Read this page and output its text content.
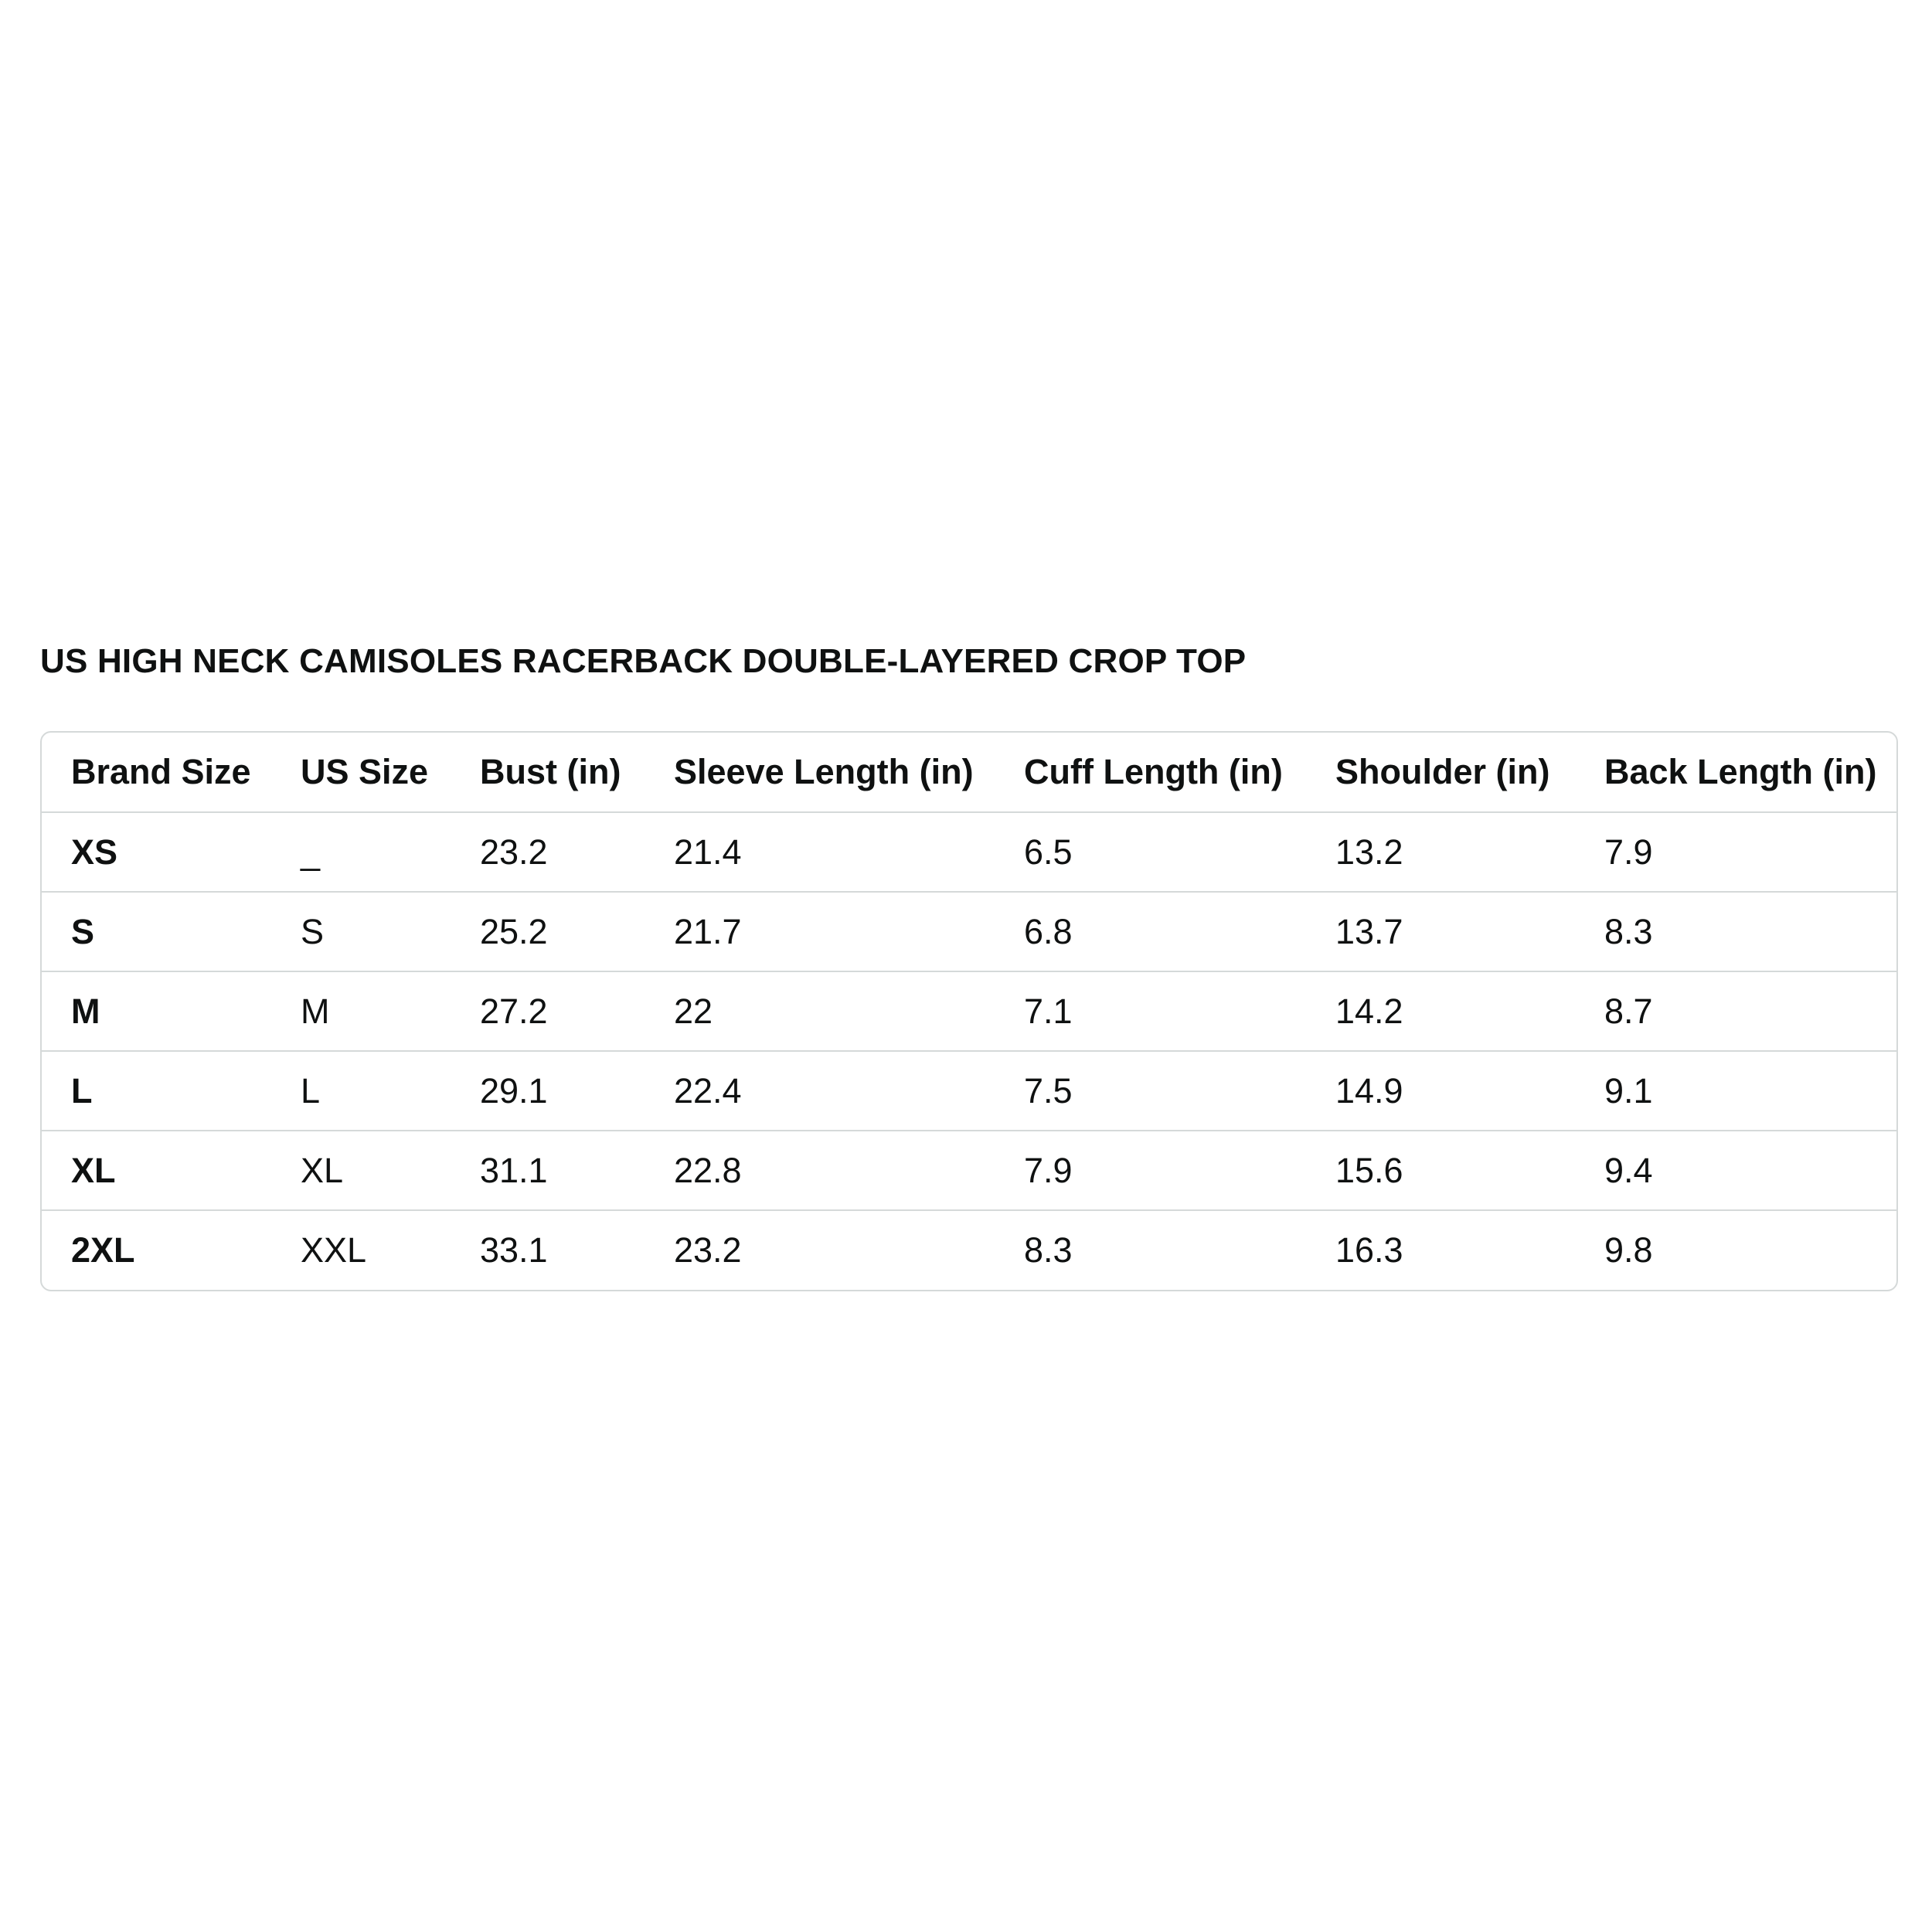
US HIGH NECK CAMISOLES RACERBACK DOUBLE-LAYERED CROP TOP
Brand Size	US Size	Bust (in)	Sleeve Length (in)	Cuff Length (in)	Shoulder (in)	Back Length (in)
XS	_	23.2	21.4	6.5	13.2	7.9
S	S	25.2	21.7	6.8	13.7	8.3
M	M	27.2	22	7.1	14.2	8.7
L	L	29.1	22.4	7.5	14.9	9.1
XL	XL	31.1	22.8	7.9	15.6	9.4
2XL	XXL	33.1	23.2	8.3	16.3	9.8
